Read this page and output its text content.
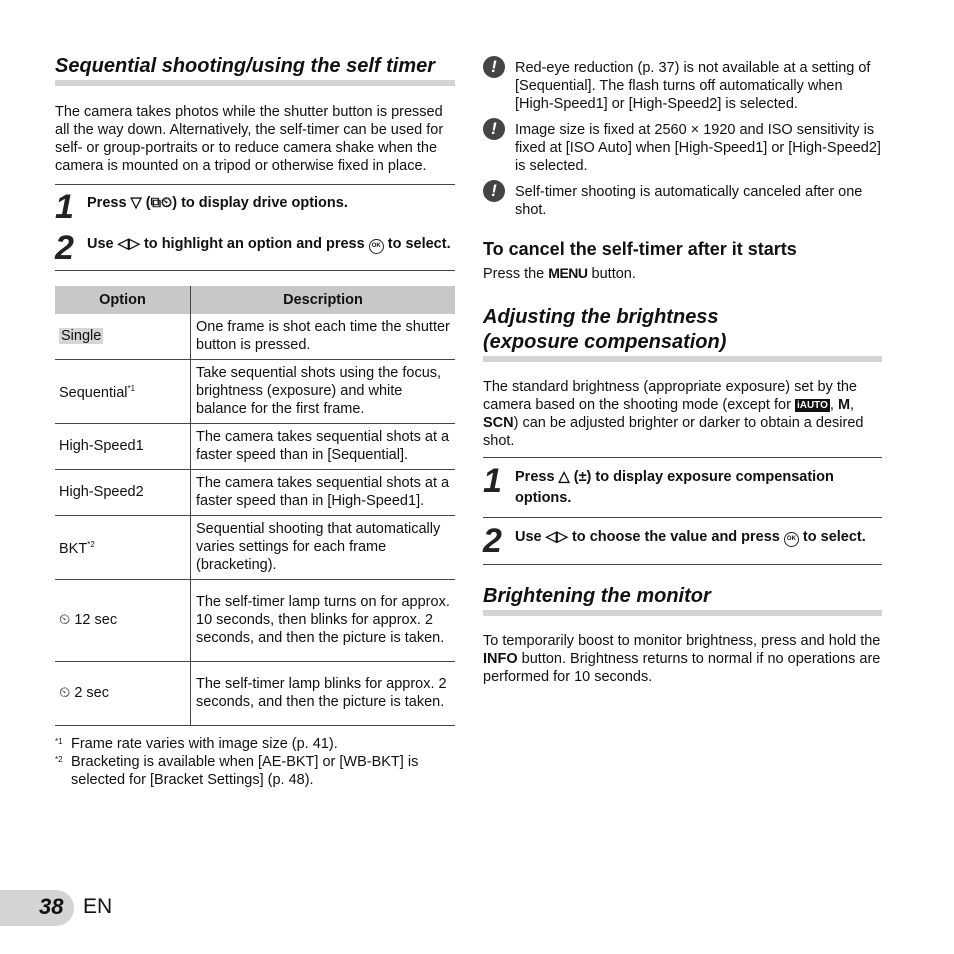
Sequential shooting/using the self timer

The camera takes photos while the shutter button is pressed all the way down. Alternatively, the self-timer can be used for self- or group-portraits or to reduce camera shake when the camera is mounted on a tripod or otherwise fixed in place.

1 Press ▽ (⧉⏲) to display drive options.
2 Use ◁▷ to highlight an option and press OK to select.
Option	Description
Single	One frame is shot each time the shutter button is pressed.
Sequential$^{*1}$	Take sequential shots using the focus, brightness (exposure) and white balance for the first frame.
High-Speed1	The camera takes sequential shots at a faster speed than in [Sequential].
High-Speed2	The camera takes sequential shots at a faster speed than in [High-Speed1].
BKT$^{*2}$	Sequential shooting that automatically varies settings for each frame (bracketing).
⏲ 12 sec	The self-timer lamp turns on for approx. 10 seconds, then blinks for approx. 2 seconds, and then the picture is taken.
⏲ 2 sec	The self-timer lamp blinks for approx. 2 seconds, and then the picture is taken.
*1 Frame rate varies with image size (p. 41).
*2 Bracketing is available when [AE-BKT] or [WB-BKT] is selected for [Bracket Settings] (p. 48).
!	Red-eye reduction (p. 37) is not available at a setting of [Sequential]. The flash turns off automatically when [High-Speed1] or [High-Speed2] is selected.
!	Image size is fixed at 2560 × 1920 and ISO sensitivity is fixed at [ISO Auto] when [High-Speed1] or [High-Speed2] is selected.
!	Self-timer shooting is automatically canceled after one shot.
To cancel the self-timer after it starts
Press the MENU button.
Adjusting the brightness
(exposure compensation)

The standard brightness (appropriate exposure) set by the camera based on the shooting mode (except for iAUTO , M, SCN) can be adjusted brighter or darker to obtain a desired shot.

1 Press △ (±) to display exposure compensation options.
2 Use ◁▷ to choose the value and press OK to select.
Brightening the monitor

To temporarily boost to monitor brightness, press and hold the INFO button. Brightness returns to normal if no operations are performed for 10 seconds.

38 EN
